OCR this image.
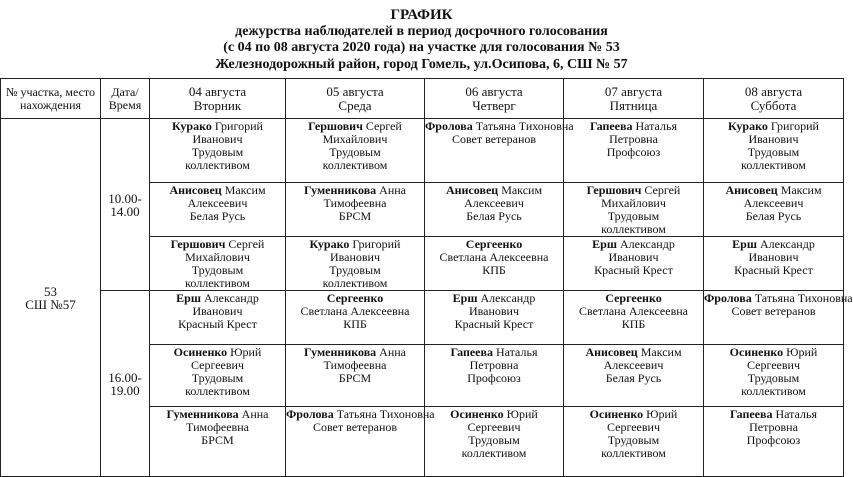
ГРАФИК
дежурства наблюдателей в период досрочного голосования
(с 04 по 08 августа 2020 года) на участке для голосования № 53
Железнодорожный район, город Гомель, ул.Осипова, 6, СШ № 57
№ участка, место нахождения	Дата/ Время	04 августа
Вторник	05 августа
Среда	06 августа
Четверг	07 августа
Пятница	08 августа
Суббота

53
СШ №57	10.00-14.00	Курако Григорий
Иванович
Трудовым коллективом	Гершович Сергей
Михайлович
Трудовым коллективом	Фролова Татьяна Тихоновна
Совет ветеранов	Гапеева Наталья
Петровна
Профсоюз	Курако Григорий
Иванович
Трудовым коллективом

		Анисовец Максим
Алексеевич
Белая Русь	Гуменникова Анна
Тимофеевна
БРСМ	Анисовец Максим
Алексеевич
Белая Русь	Гершович Сергей
Михайлович
Трудовым коллективом	Анисовец Максим
Алексеевич
Белая Русь

		Гершович Сергей
Михайлович
Трудовым коллективом	Курако Григорий
Иванович
Трудовым коллективом	Сергеенко
Светлана Алексеевна
КПБ	Ерш Александр
Иванович
Красный Крест	Ерш Александр
Иванович
Красный Крест

	16.00-19.00	Ерш Александр
Иванович
Красный Крест	Сергеенко
Светлана Алексеевна
КПБ	Ерш Александр
Иванович
Красный Крест	Сергеенко
Светлана Алексеевна
КПБ	Фролова Татьяна Тихоновна
Совет ветеранов

		Осиненко Юрий
Сергеевич
Трудовым коллективом	Гуменникова Анна
Тимофеевна
БРСМ	Гапеева Наталья
Петровна
Профсоюз	Анисовец Максим
Алексеевич
Белая Русь	Осиненко Юрий
Сергеевич
Трудовым коллективом

		Гуменникова Анна
Тимофеевна
БРСМ	Фролова Татьяна Тихоновна
Совет ветеранов	Осиненко Юрий
Сергеевич
Трудовым коллективом	Осиненко Юрий
Сергеевич
Трудовым коллективом	Гапеева Наталья
Петровна
Профсоюз
